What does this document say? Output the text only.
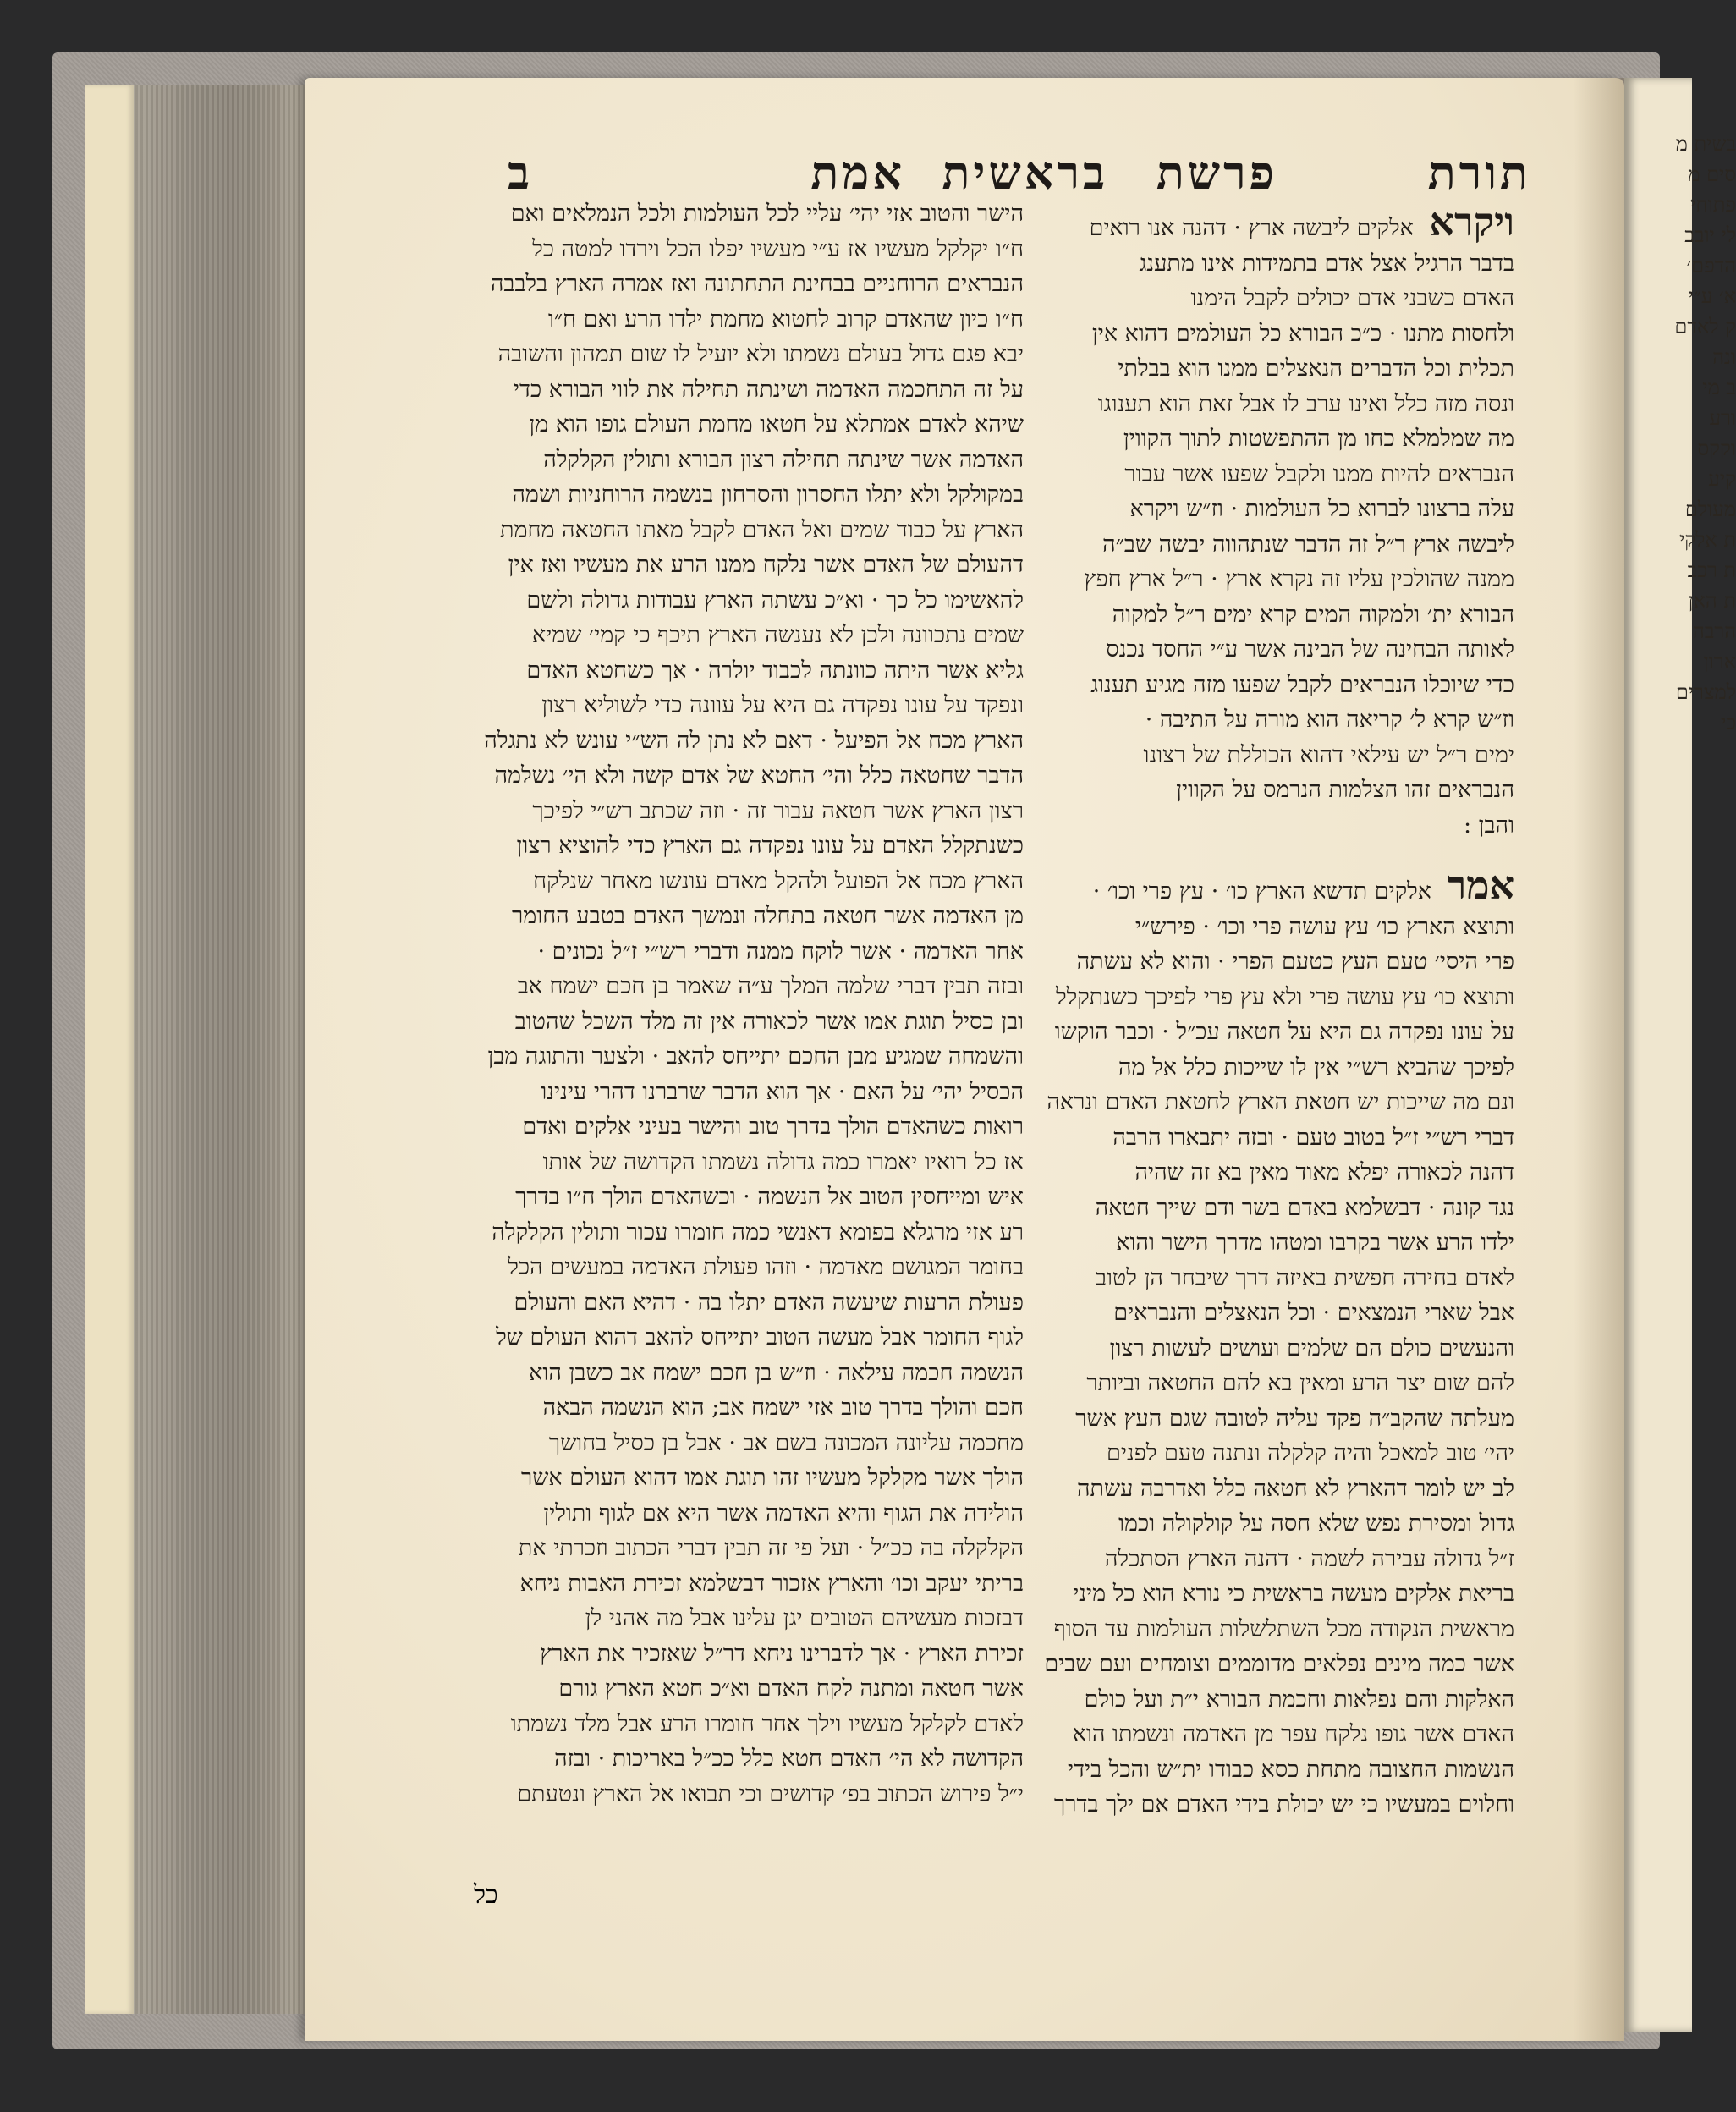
תורת
פרשת
בראשית
אמת
ב
ויקרא אלקים ליבשה ארץ · דהנה אנו רואים
בדבר הרגיל אצל אדם בתמידות אינו מתענג
האדם כשבני אדם יכולים לקבל הימנו
ולחסות מתנו · כ״כ הבורא כל העולמים דהוא אין
תכלית וכל הדברים הנאצלים ממנו הוא בבלתי
ונסה מזה כלל ואינו ערב לו אבל זאת הוא תענוגו
מה שמלמלא כחו מן ההתפשטות לתוך הקווין
הנבראים להיות ממנו ולקבל שפעו אשר עבור
עלה ברצונו לברוא כל העולמות · וז״ש ויקרא
ליבשה ארץ ר״ל זה הדבר שנתהווה יבשה שב״ה
ממנה שהולכין עליו זה נקרא ארץ · ר״ל ארץ חפץ
הבורא ית׳ ולמקוה המים קרא ימים ר״ל למקוה
לאותה הבחינה של הבינה אשר ע״י החסד נכנס
כדי שיוכלו הנבראים לקבל שפעו מזה מגיע תענוג
וז״ש קרא ל׳ קריאה הוא מורה על התיבה ·
ימים ר״ל יש עילאי דהוא הכוללת של רצונו
הנבראים זהו הצלמות הנרמס על הקווין
והבן :
אמר אלקים תדשא הארץ כו׳ · עץ פרי וכו׳ ·
ותוצא הארץ כו׳ עץ עושה פרי וכו׳ · פירש״י
פרי היסי׳ טעם העץ כטעם הפרי · והוא לא עשתה
ותוצא כו׳ עץ עושה פרי ולא עץ פרי לפיכך כשנתקלל
על עונו נפקדה גם היא על חטאה עכ״ל · וכבר הוקשו
לפיכך שהביא רש״י אין לו שייכות כלל אל מה
ונם מה שייכות יש חטאת הארץ לחטאת האדם ונראה
דברי רש״י ז״ל בטוב טעם · ובזה יתבארו הרבה
דהנה לכאורה יפלא מאוד מאין בא זה שהיה
נגד קונה · דבשלמא באדם בשר ודם שייך חטאה
ילדו הרע אשר בקרבו ומטהו מדרך הישר והוא
לאדם בחירה חפשית באיזה דרך שיבחר הן לטוב
אבל שארי הנמצאים · וכל הנאצלים והנבראים
והנעשים כולם הם שלמים ועושים לעשות רצון
להם שום יצר הרע ומאין בא להם החטאה וביותר
מעלתה שהקב״ה פקד עליה לטובה שגם העץ אשר
יהי׳ טוב למאכל והיה קלקלה ונתנה טעם לפנים
לב יש לומר דהארץ לא חטאה כלל ואדרבה עשתה
גדול ומסירת נפש שלא חסה על קולקולה וכמו
ז״ל גדולה עבירה לשמה · דהנה הארץ הסתכלה
בריאת אלקים מעשה בראשית כי נורא הוא כל מיני
מראשית הנקודה מכל השתלשלות העולמות עד הסוף
אשר כמה מינים נפלאים מדוממים וצומחים ועם שבים
האלקות והם נפלאות וחכמת הבורא י״ת ועל כולם
האדם אשר גופו נלקח עפר מן האדמה ונשמתו הוא
הנשמות החצובה מתחת כסא כבודו ית״ש והכל בידי
וחלוים במעשיו כי יש יכולת בידי האדם אם ילך בדרך
הישר והטוב אזי יהי׳ עליי לכל העולמות ולכל הנמלאים ואם
ח״ו יקלקל מעשיו אז ע״י מעשיו יפלו הכל וירדו למטה כל
הנבראים הרוחניים בבחינת התחתונה ואז אמרה הארץ בלבבה
ח״ו כיון שהאדם קרוב לחטוא מחמת ילדו הרע ואם ח״ו
יבא פגם גדול בעולם נשמתו ולא יועיל לו שום תמהון והשובה
על זה התחכמה האדמה ושינתה תחילה את לווי הבורא כדי
שיהא לאדם אמתלא על חטאו מחמת העולם גופו הוא מן
האדמה אשר שינתה תחילה רצון הבורא ותולין הקלקלה
במקולקל ולא יתלו החסרון והסרחון בנשמה הרוחניות ושמה
הארץ על כבוד שמים ואל האדם לקבל מאתו החטאה מחמת
דהעולם של האדם אשר נלקח ממנו הרע את מעשיו ואז אין
להאשימו כל כך · וא״כ עשתה הארץ עבודות גדולה ולשם
שמים נתכוונה ולכן לא נענשה הארץ תיכף כי קמי׳ שמיא
גליא אשר היתה כוונתה לכבוד יולרה · אך כשחטא האדם
ונפקד על עונו נפקדה גם היא על עוונה כדי לשוליא רצון
הארץ מכח אל הפיעל · דאם לא נתן לה הש״י עונש לא נתגלה
הדבר שחטאה כלל והי׳ החטא של אדם קשה ולא הי׳ נשלמה
רצון הארץ אשר חטאה עבור זה · וזה שכתב רש״י לפיכך
כשנתקלל האדם על עונו נפקדה גם הארץ כדי להוציא רצון
הארץ מכח אל הפועל ולהקל מאדם עונשו מאחר שנלקח
מן האדמה אשר חטאה בתחלה ונמשך האדם בטבע החומר
אחר האדמה · אשר לוקח ממנה ודברי רש״י ז״ל נכונים ·
ובזה תבין דברי שלמה המלך ע״ה שאמר בן חכם ישמח אב
ובן כסיל תוגת אמו אשר לכאורה אין זה מלד השכל שהטוב
והשמחה שמגיע מבן החכם יתייחס להאב · ולצער והתוגה מבן
הכסיל יהי׳ על האם · אך הוא הדבר שרברנו דהרי עינינו
רואות כשהאדם הולך בדרך טוב והישר בעיני אלקים ואדם
אז כל רואיו יאמרו כמה גדולה נשמתו הקדושה של אותו
איש ומייחסין הטוב אל הנשמה · וכשהאדם הולך ח״ו בדרך
רע אזי מרגלא בפומא דאנשי כמה חומרו עכור ותולין הקלקלה
בחומר המגושם מאדמה · וזהו פעולת האדמה במעשים הכל
פעולת הרעות שיעשה האדם יתלו בה · דהיא האם והעולם
לגוף החומר אבל מעשה הטוב יתייחס להאב דהוא העולם של
הנשמה חכמה עילאה · וז״ש בן חכם ישמח אב כשבן הוא
חכם והולך בדרך טוב אזי ישמח אב; הוא הנשמה הבאה
מחכמה עליונה המכונה בשם אב · אבל בן כסיל בחושך
הולך אשר מקלקל מעשיו זהו תוגת אמו דהוא העולם אשר
הולידה את הגוף והיא האדמה אשר היא אם לגוף ותולין
הקלקלה בה ככ״ל · ועל פי זה תבין דברי הכתוב וזכרתי את
בריתי יעקב וכו׳ והארץ אזכור דבשלמא זכירת האבות ניחא
דבזכות מעשיהם הטובים יגן עלינו אבל מה אהני לן
זכירת הארץ · אך לדברינו ניחא דר״ל שאזכיר את הארץ
אשר חטאה ומתנה לקח האדם וא״כ חטא הארץ גורם
לאדם לקלקל מעשיו וילך אחר חומרו הרע אבל מלד נשמתו
הקדושה לא הי׳ האדם חטא כלל ככ״ל באריכות · ובזה
י״ל פירוש הכתוב בפ׳ קדושים וכי תבואו אל הארץ ונטעתם
כל
בשית מ
סים מ
פתוחי
לי יובב
הדפם׳
א׳ ע״י
ק לאדם
ונה
ב מי
ורע
וקקס
קיע
מעולם
ת אלקי
ת רכב
ת האן
הרבה
ארון
למצרים
כי
